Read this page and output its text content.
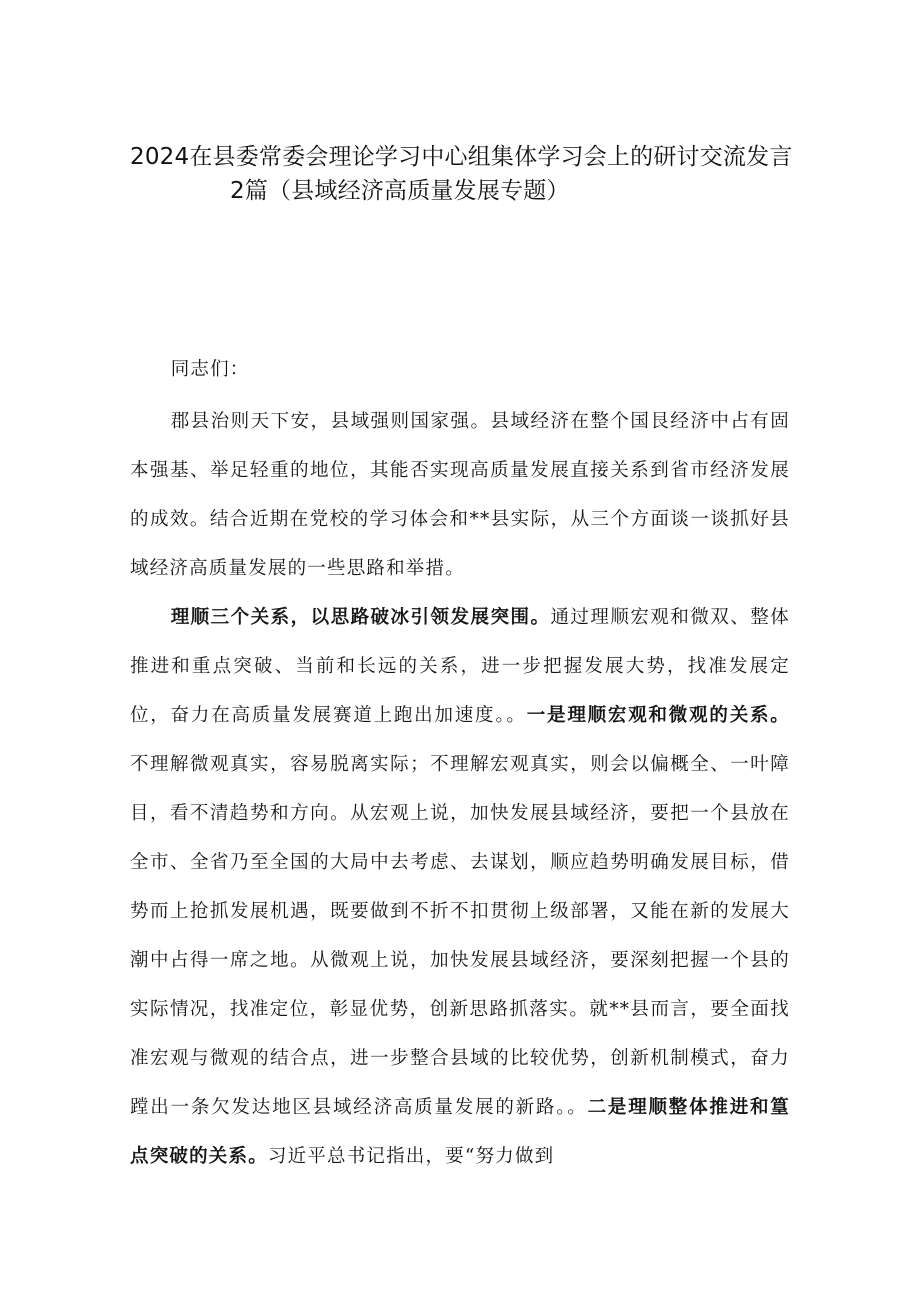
2024在县委常委会理论学习中心组集体学习会上的研讨交流发言
2篇（县域经济高质量发展专题）
同志们：
郡县治则天下安，县域强则国家强。县域经济在整个国艮经济中占有固本强基、举足轻重的地位，其能否实现高质量发展直接关系到省市经济发展的成效。结合近期在党校的学习体会和**县实际，从三个方面谈一谈抓好县域经济高质量发展的一些思路和举措。
理顺三个关系，以思路破冰引领发展突围。通过理顺宏观和微双、整体推进和重点突破、当前和长远的关系，进一步把握发展大势，找准发展定位，奋力在高质量发展赛道上跑出加速度。。一是理顺宏观和微观的关系。不理解微观真实，容易脱离实际；不理解宏观真实，则会以偏概全、一叶障目，看不清趋势和方向。从宏观上说，加快发展县域经济，要把一个县放在全市、全省乃至全国的大局中去考虑、去谋划，顺应趋势明确发展目标，借势而上抢抓发展机遇，既要做到不折不扣贯彻上级部署，又能在新的发展大潮中占得一席之地。从微观上说，加快发展县域经济，要深刻把握一个县的实际情况，找准定位，彰显优势，创新思路抓落实。就**县而言，要全面找准宏观与微观的结合点，进一步整合县域的比较优势，创新机制模式，奋力蹚出一条欠发达地区县域经济高质量发展的新路。。二是理顺整体推进和篁点突破的关系。习近平总书记指出，要“努力做到
